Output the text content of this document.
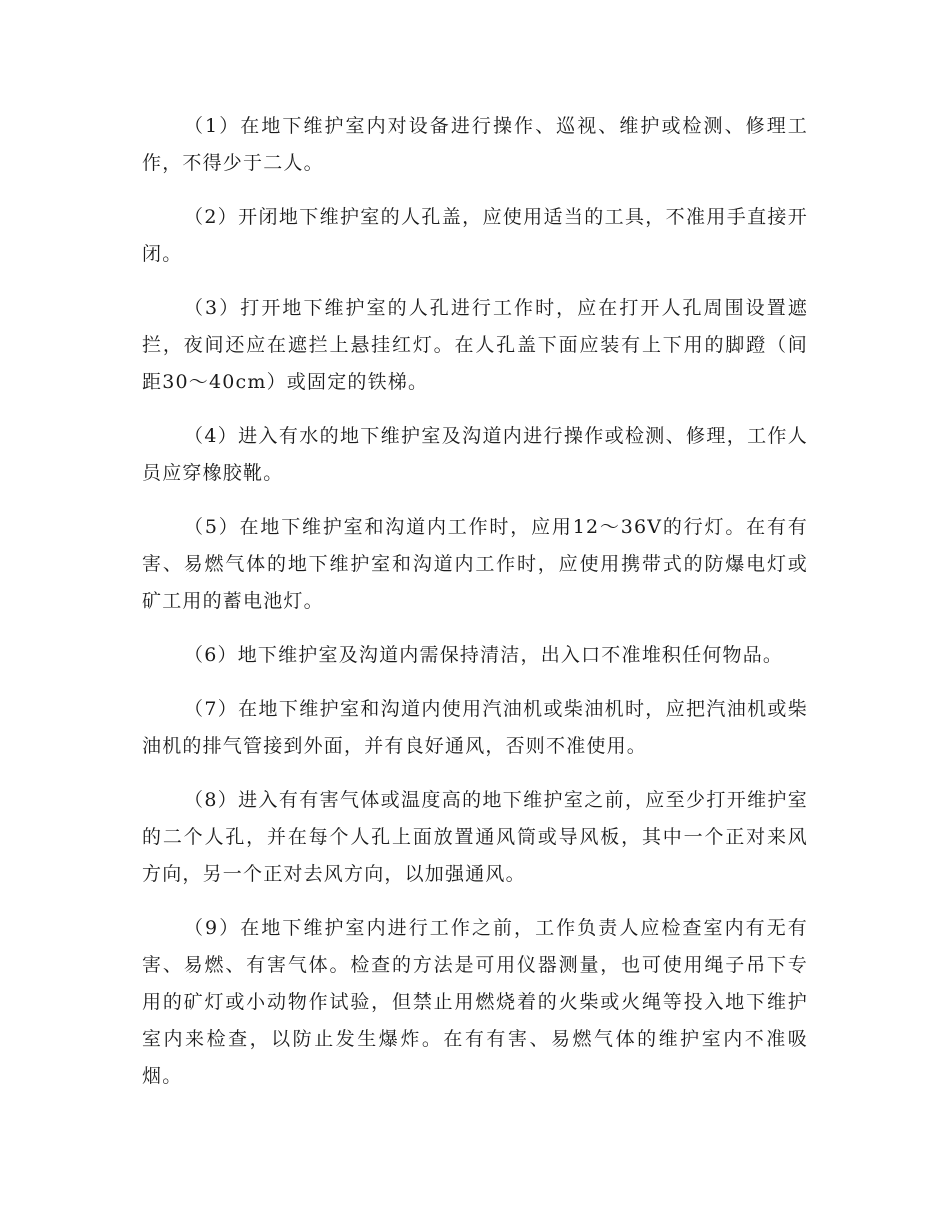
（1）在地下维护室内对设备进行操作、巡视、维护或检测、修理工作，不得少于二人。

（2）开闭地下维护室的人孔盖，应使用适当的工具，不准用手直接开闭。

（3）打开地下维护室的人孔进行工作时，应在打开人孔周围设置遮拦，夜间还应在遮拦上悬挂红灯。在人孔盖下面应装有上下用的脚蹬（间距30～40cm）或固定的铁梯。

（4）进入有水的地下维护室及沟道内进行操作或检测、修理，工作人员应穿橡胶靴。

（5）在地下维护室和沟道内工作时，应用12～36V的行灯。在有有害、易燃气体的地下维护室和沟道内工作时，应使用携带式的防爆电灯或矿工用的蓄电池灯。

（6）地下维护室及沟道内需保持清洁，出入口不准堆积任何物品。

（7）在地下维护室和沟道内使用汽油机或柴油机时，应把汽油机或柴油机的排气管接到外面，并有良好通风，否则不准使用。

（8）进入有有害气体或温度高的地下维护室之前，应至少打开维护室的二个人孔，并在每个人孔上面放置通风筒或导风板，其中一个正对来风方向，另一个正对去风方向，以加强通风。

（9）在地下维护室内进行工作之前，工作负责人应检查室内有无有害、易燃、有害气体。检查的方法是可用仪器测量，也可使用绳子吊下专用的矿灯或小动物作试验，但禁止用燃烧着的火柴或火绳等投入地下维护室内来检查，以防止发生爆炸。在有有害、易燃气体的维护室内不准吸烟。
